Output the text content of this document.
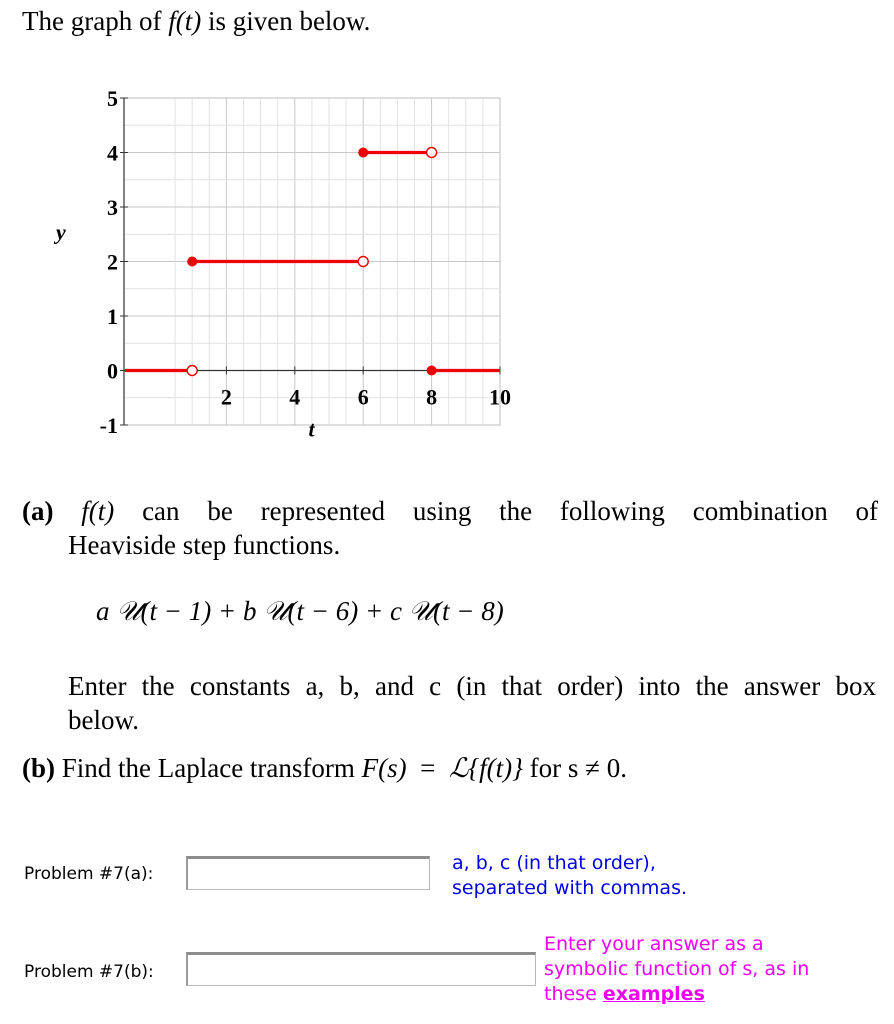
The graph of f(t) is given below.
5
4
3
2
1
0
-1
2	4	6	8 10
y
t
(a) f(t) can be represented using the following combination of
Heaviside step functions.
a 𝒰(t − 1) + b 𝒰(t − 6) + c 𝒰(t − 8)
Enter the constants a, b, and c (in that order) into the answer box
below.
(b) Find the Laplace transform F(s) = ℒ{f(t)} for s ≠ 0.
Problem #7(a):	a, b, c (in that order),
separated with commas.
Problem #7(b):
Enter your answer as a
symbolic function of s, as in
these examples
